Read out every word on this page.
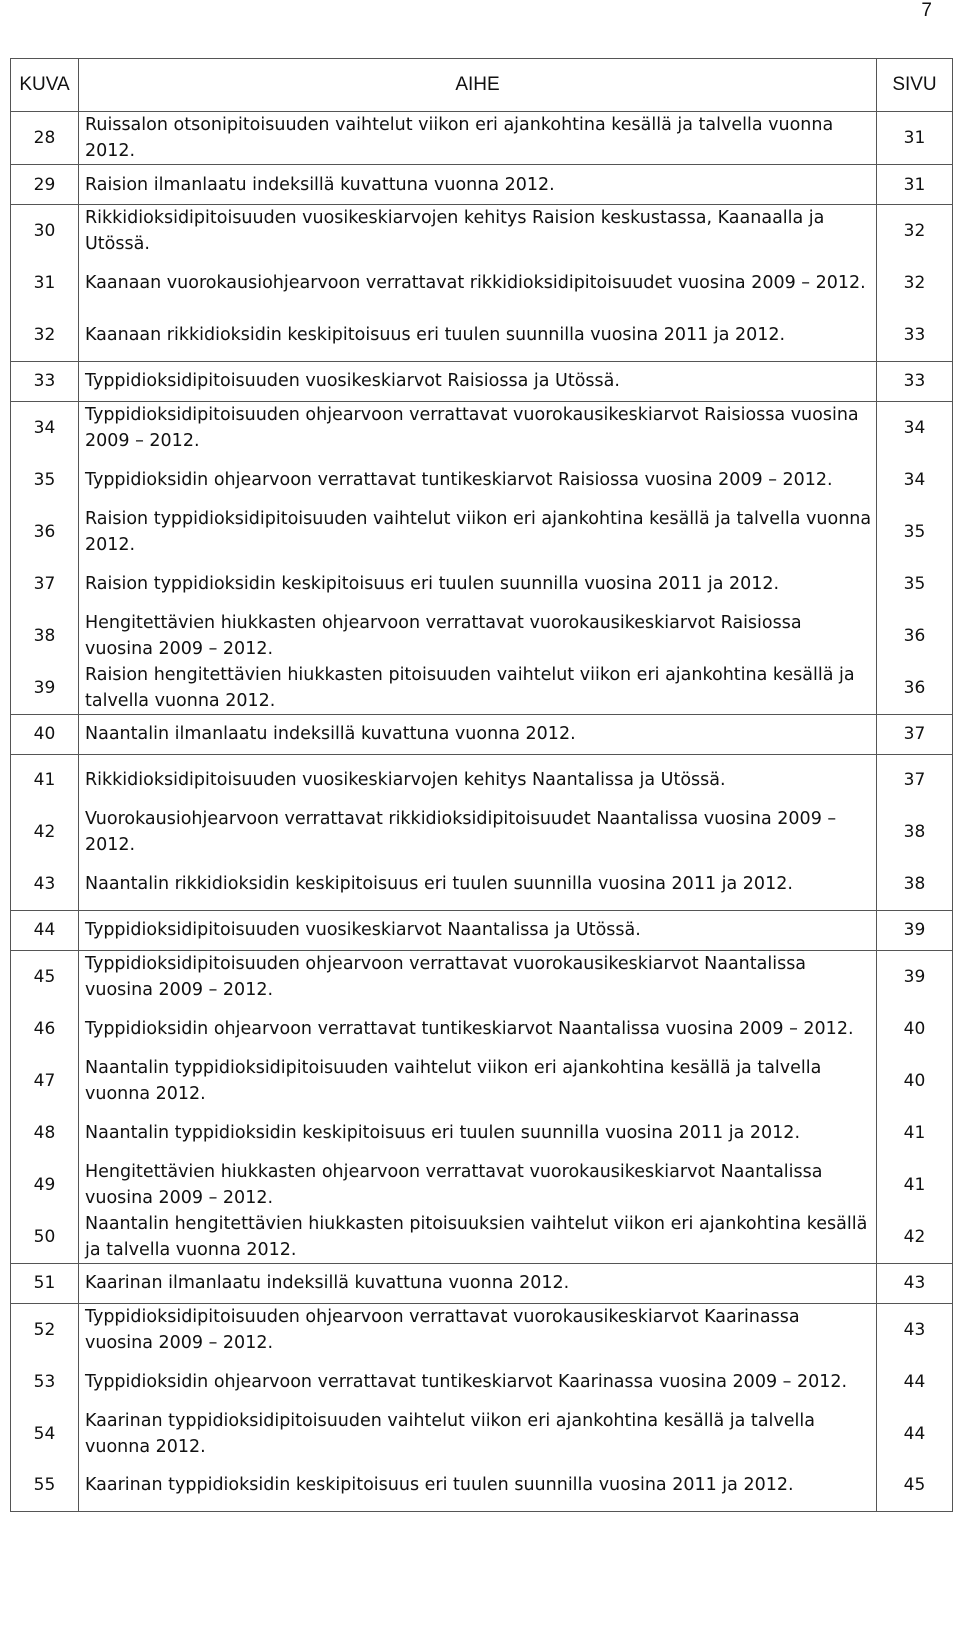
7
KUVA	AIHE	SIVU
28	Ruissalon otsonipitoisuuden vaihtelut viikon eri ajankohtina kesällä ja talvella vuonna 2012.	31
29	Raision ilmanlaatu indeksillä kuvattuna vuonna 2012.	31
30	Rikkidioksidipitoisuuden vuosikeskiarvojen kehitys Raision keskustassa, Kaanaalla ja Utössä.	32
31	Kaanaan vuorokausiohjearvoon verrattavat rikkidioksidipitoisuudet vuosina 2009 – 2012.	32
32	Kaanaan rikkidioksidin keskipitoisuus eri tuulen suunnilla vuosina 2011 ja 2012.	33
33	Typpidioksidipitoisuuden vuosikeskiarvot Raisiossa ja Utössä.	33
34	Typpidioksidipitoisuuden ohjearvoon verrattavat vuorokausikeskiarvot Raisiossa vuosina 2009 – 2012.	34
35	Typpidioksidin ohjearvoon verrattavat tuntikeskiarvot Raisiossa vuosina 2009 – 2012.	34
36	Raision typpidioksidipitoisuuden vaihtelut viikon eri ajankohtina kesällä ja talvella vuonna 2012.	35
37	Raision typpidioksidin keskipitoisuus eri tuulen suunnilla vuosina 2011 ja 2012.	35
38	Hengitettävien hiukkasten ohjearvoon verrattavat vuorokausikeskiarvot Raisiossa vuosina 2009 – 2012.	36
39	Raision hengitettävien hiukkasten pitoisuuden vaihtelut viikon eri ajankohtina kesällä ja talvella vuonna 2012.	36
40	Naantalin ilmanlaatu indeksillä kuvattuna vuonna 2012.	37
41	Rikkidioksidipitoisuuden vuosikeskiarvojen kehitys Naantalissa ja Utössä.	37
42	Vuorokausiohjearvoon verrattavat rikkidioksidipitoisuudet Naantalissa vuosina 2009 – 2012.	38
43	Naantalin rikkidioksidin keskipitoisuus eri tuulen suunnilla vuosina 2011 ja 2012.	38
44	Typpidioksidipitoisuuden vuosikeskiarvot Naantalissa ja Utössä.	39
45	Typpidioksidipitoisuuden ohjearvoon verrattavat vuorokausikeskiarvot Naantalissa vuosina 2009 – 2012.	39
46	Typpidioksidin ohjearvoon verrattavat tuntikeskiarvot Naantalissa vuosina 2009 – 2012.	40
47	Naantalin typpidioksidipitoisuuden vaihtelut viikon eri ajankohtina kesällä ja talvella vuonna 2012.	40
48	Naantalin typpidioksidin keskipitoisuus eri tuulen suunnilla vuosina 2011 ja 2012.	41
49	Hengitettävien hiukkasten ohjearvoon verrattavat vuorokausikeskiarvot Naantalissa vuosina 2009 – 2012.	41
50	Naantalin hengitettävien hiukkasten pitoisuuksien vaihtelut viikon eri ajankohtina kesällä ja talvella vuonna 2012.	42
51	Kaarinan ilmanlaatu indeksillä kuvattuna vuonna 2012.	43
52	Typpidioksidipitoisuuden ohjearvoon verrattavat vuorokausikeskiarvot Kaarinassa vuosina 2009 – 2012.	43
53	Typpidioksidin ohjearvoon verrattavat tuntikeskiarvot Kaarinassa vuosina 2009 – 2012.	44
54	Kaarinan typpidioksidipitoisuuden vaihtelut viikon eri ajankohtina kesällä ja talvella vuonna 2012.	44
55	Kaarinan typpidioksidin keskipitoisuus eri tuulen suunnilla vuosina 2011 ja 2012.	45
